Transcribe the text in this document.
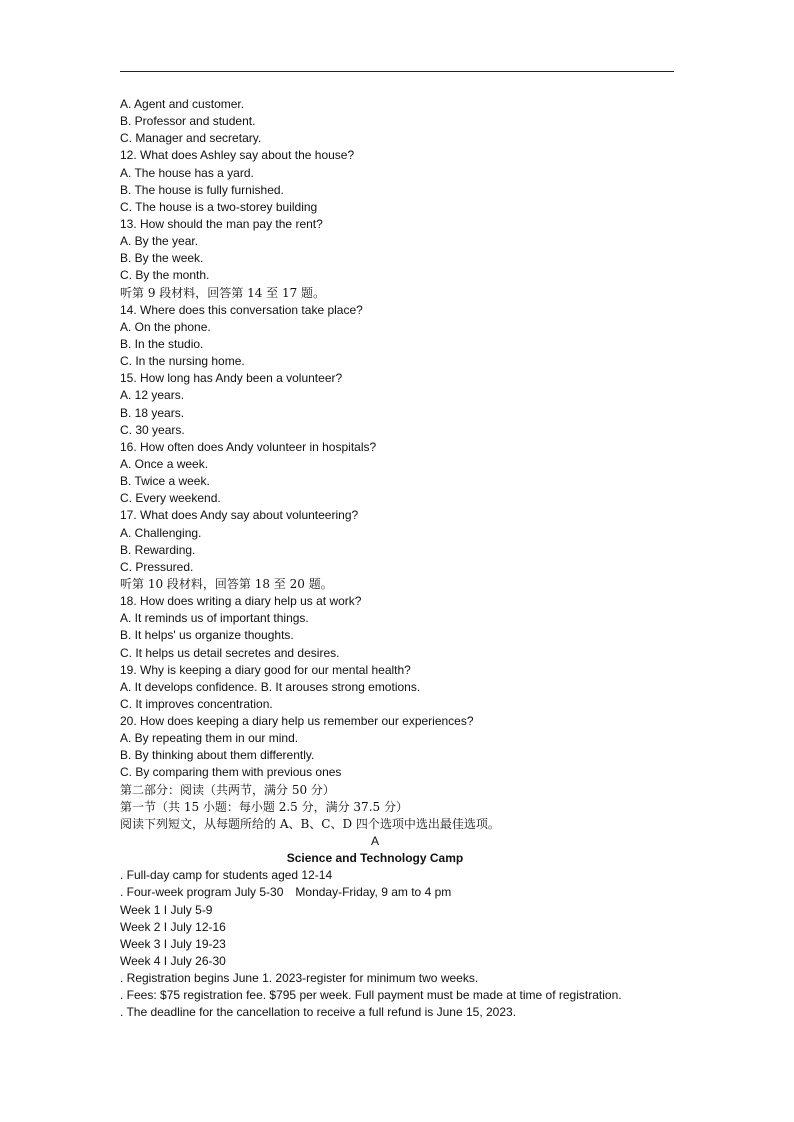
A. Agent and customer.
B. Professor and student.
C. Manager and secretary.
12. What does Ashley say about the house?
A. The house has a yard.
B. The house is fully furnished.
C. The house is a two-storey building
13. How should the man pay the rent?
A. By the year.
B. By the week.
C. By the month.
听第 9 段材料，回答第 14 至 17 题。
14. Where does this conversation take place?
A. On the phone.
B. In the studio.
C. In the nursing home.
15. How long has Andy been a volunteer?
A. 12 years.
B. 18 years.
C. 30 years.
16. How often does Andy volunteer in hospitals?
A. Once a week.
B. Twice a week.
C. Every weekend.
17. What does Andy say about volunteering?
A. Challenging.
B. Rewarding.
C. Pressured.
听第 10 段材料，回答第 18 至 20 题。
18. How does writing a diary help us at work?
A. It reminds us of important things.
B. It helps' us organize thoughts.
C. It helps us detail secretes and desires.
19. Why is keeping a diary good for our mental health?
A. It develops confidence. B. It arouses strong emotions.
C. It improves concentration.
20. How does keeping a diary help us remember our experiences?
A. By repeating them in our mind.
B. By thinking about them differently.
C. By comparing them with previous ones
第二部分：阅读（共两节，满分 50 分）
第一节（共 15 小题：每小题 2.5 分，满分 37.5 分）
阅读下列短文，从每题所给的 A、B、C、D 四个选项中选出最佳选项。
A
Science and Technology Camp
. Full-day camp for students aged 12-14
. Four-week program July 5-30 Monday-Friday, 9 am to 4 pm
Week 1 I July 5-9
Week 2 I July 12-16
Week 3 I July 19-23
Week 4 I July 26-30
. Registration begins June 1. 2023-register for minimum two weeks.
. Fees: $75 registration fee. $795 per week. Full payment must be made at time of registration.
. The deadline for the cancellation to receive a full refund is June 15, 2023.
